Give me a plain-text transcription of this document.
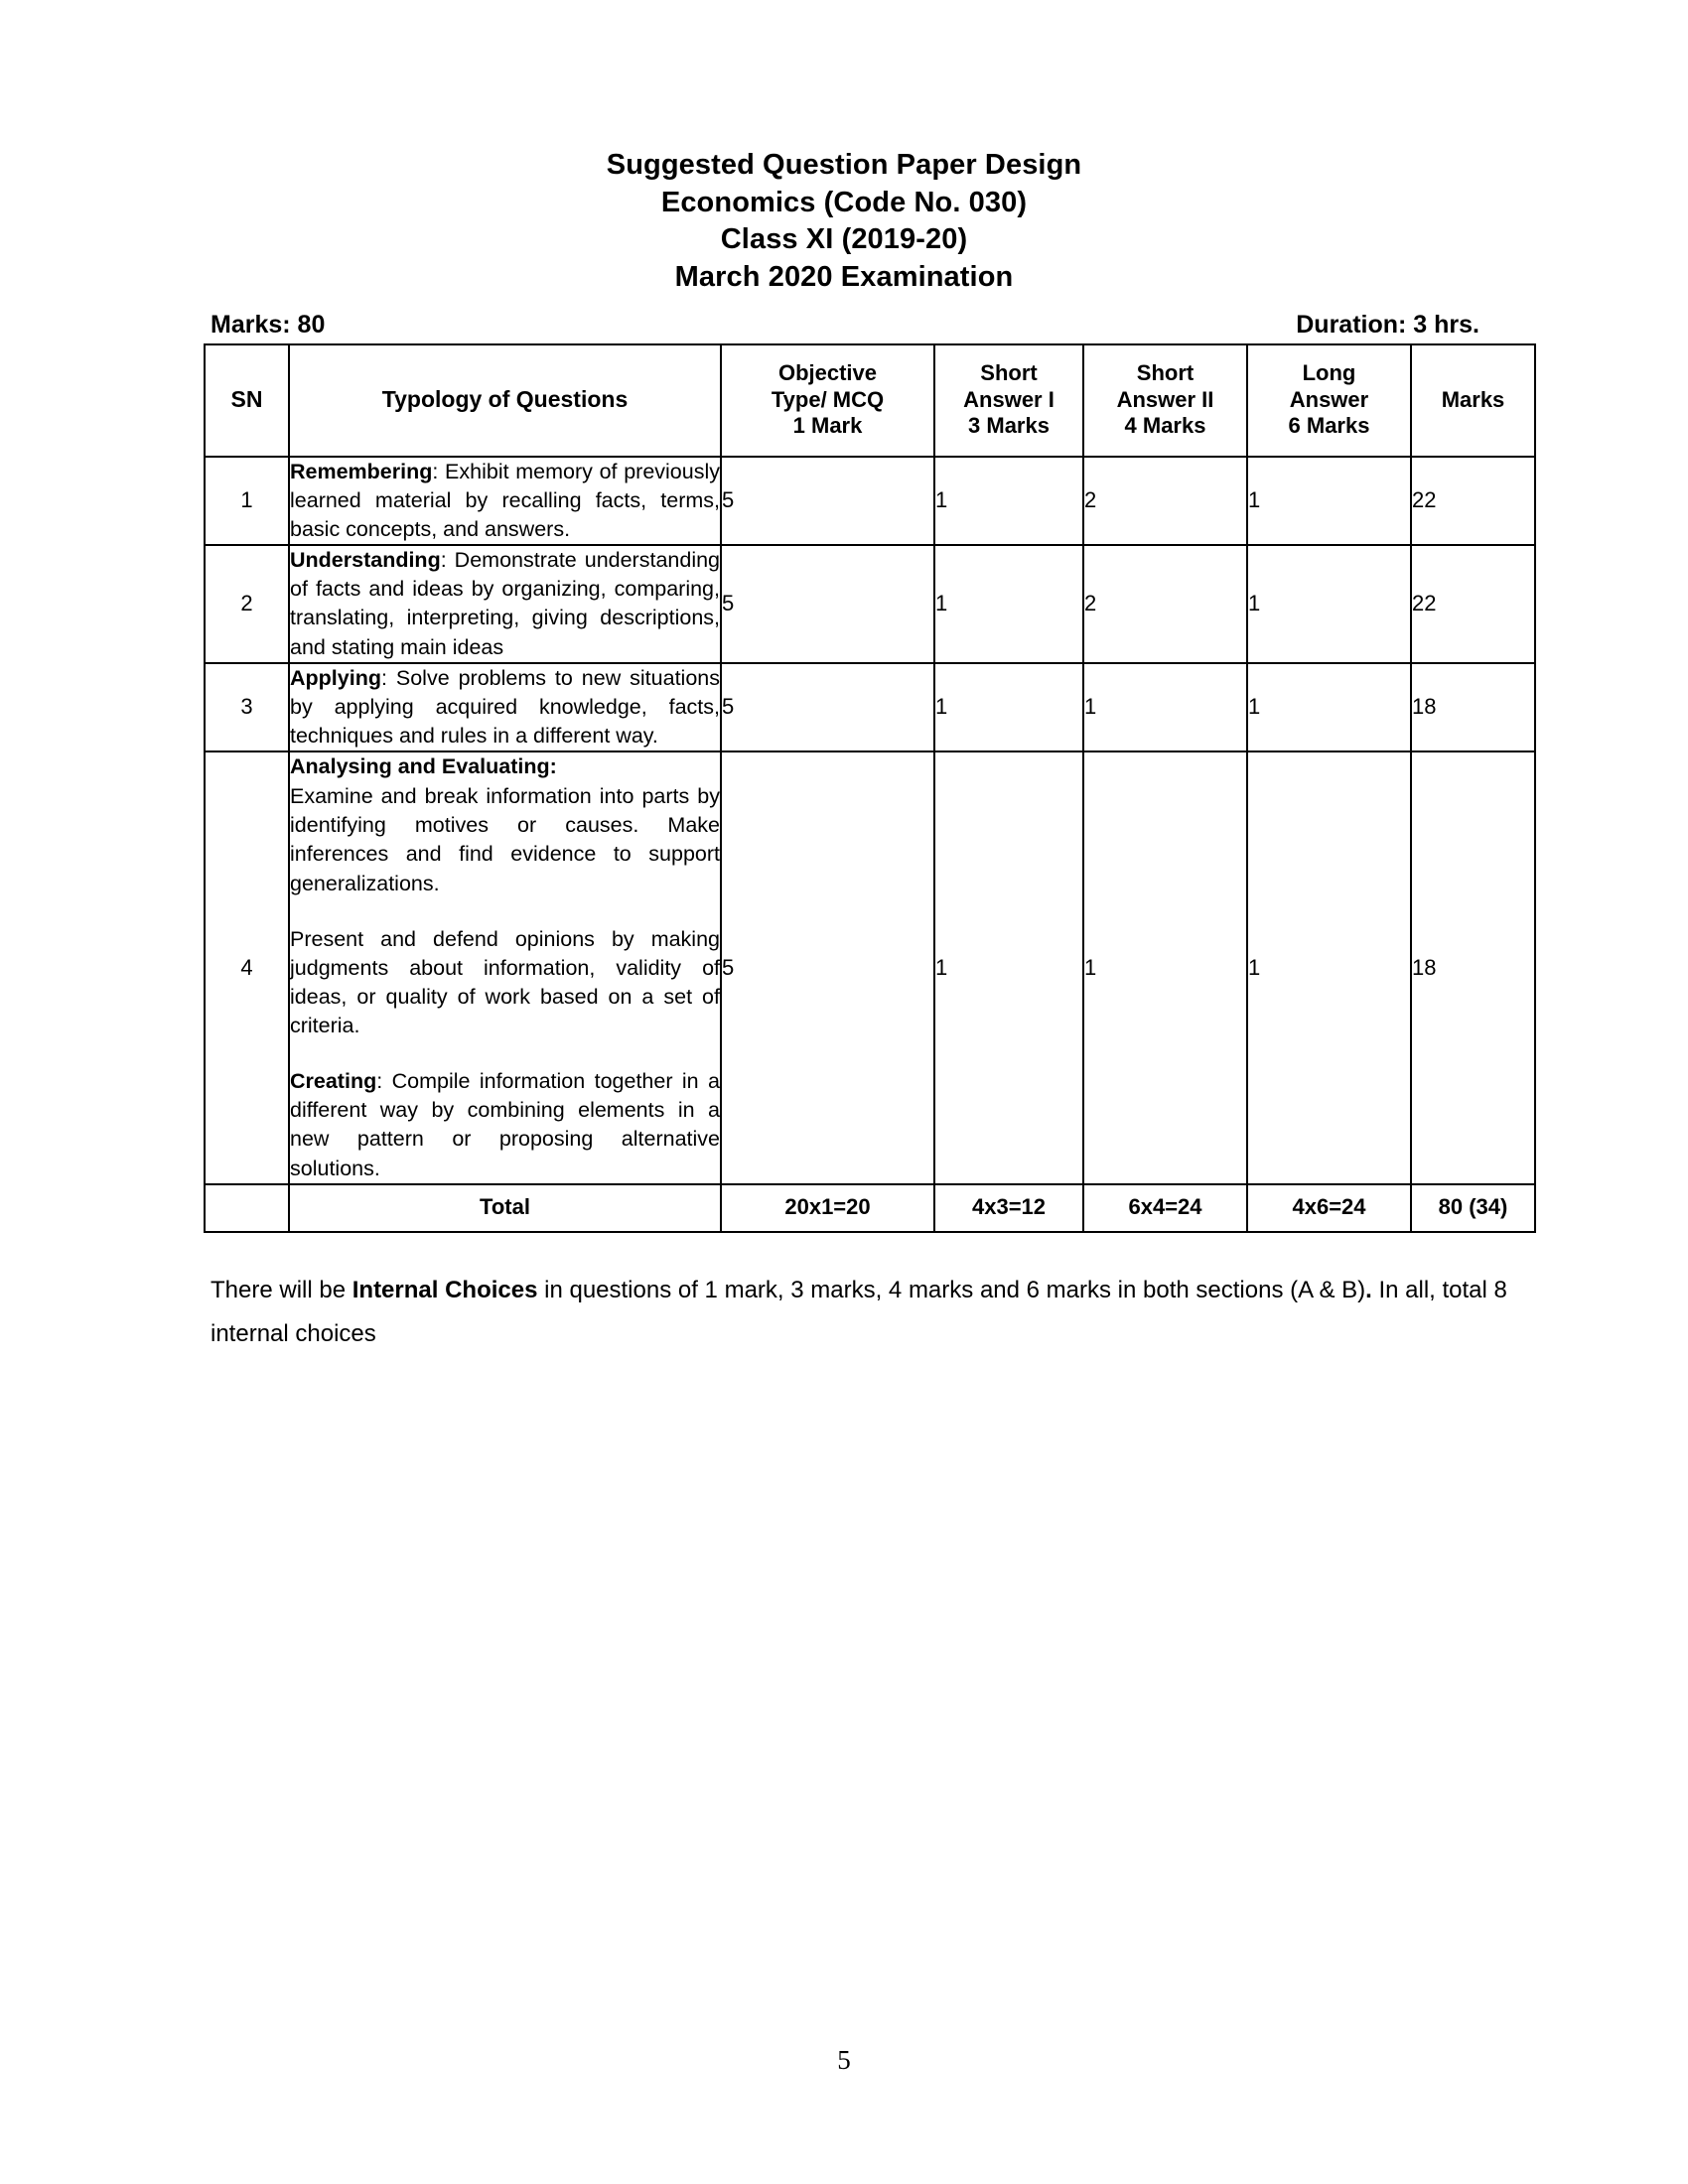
Suggested Question Paper Design
Economics (Code No. 030)
Class XI (2019-20)
March 2020 Examination
Marks: 80	Duration: 3 hrs.
SN	Typology of Questions	Objective
Type/ MCQ
1 Mark	Short
Answer I
3 Marks	Short
Answer II
4 Marks	Long
Answer
6 Marks	Marks
1	Remembering: Exhibit memory of previously learned material by recalling facts, terms, basic concepts, and answers.	5	1	2	1	22
2	Understanding: Demonstrate understanding of facts and ideas by organizing, comparing, translating, interpreting, giving descriptions, and stating main ideas	5	1	2	1	22
3	Applying: Solve problems to new situations by applying acquired knowledge, facts, techniques and rules in a different way.	5	1	1	1	18
4	Analysing and Evaluating:
Examine and break information into parts by identifying motives or causes. Make inferences and find evidence to support generalizations.

Present and defend opinions by making judgments about information, validity of ideas, or quality of work based on a set of criteria.

Creating: Compile information together in a different way by combining elements in a new pattern or proposing alternative solutions.	5	1	1	1	18
	Total	20x1=20	4x3=12	6x4=24	4x6=24	80 (34)
There will be Internal Choices in questions of 1 mark, 3 marks, 4 marks and 6 marks in both sections (A & B). In all, total 8 internal choices
5
